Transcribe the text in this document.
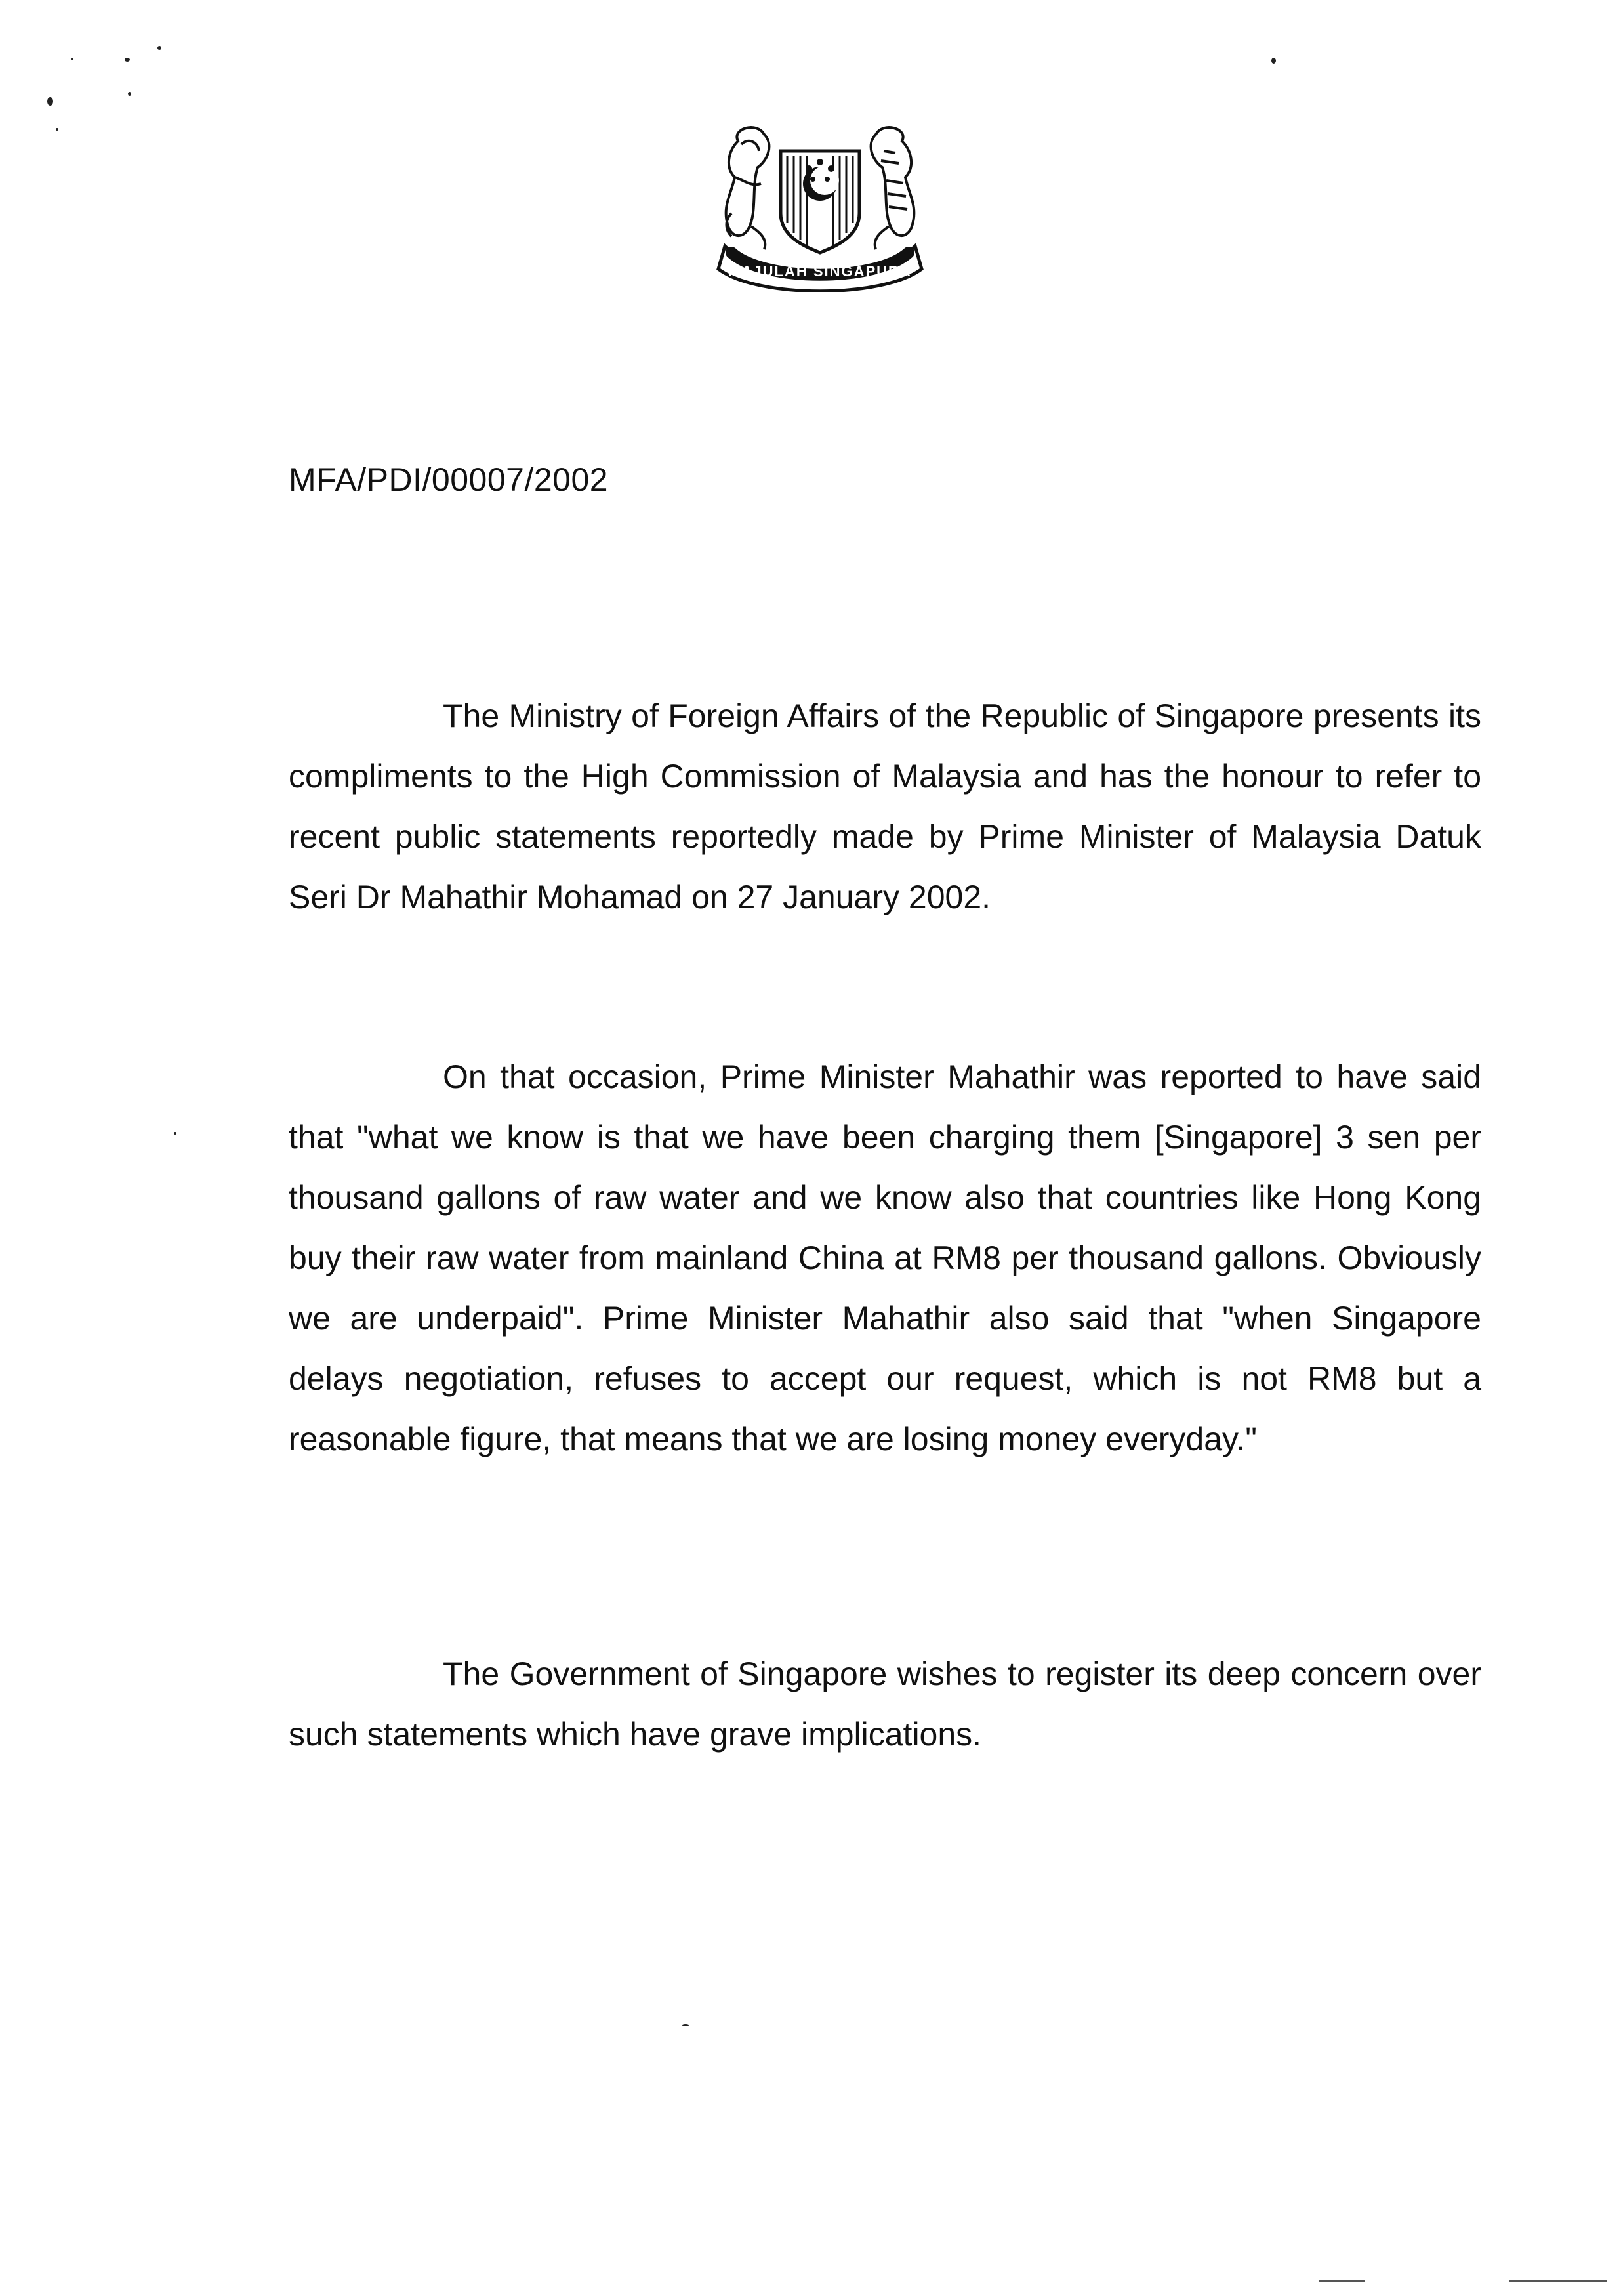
MAJULAH SINGAPURA
MFA/PDI/00007/2002

The Ministry of Foreign Affairs of the Republic of Singapore presents its compliments to the High Commission of Malaysia and has the honour to refer to recent public statements reportedly made by Prime Minister of Malaysia Datuk Seri Dr Mahathir Mohamad on 27 January 2002.

On that occasion, Prime Minister Mahathir was reported to have said that "what we know is that we have been charging them [Singapore] 3 sen per thousand gallons of raw water and we know also that countries like Hong Kong buy their raw water from mainland China at RM8 per thousand gallons. Obviously we are underpaid". Prime Minister Mahathir also said that "when Singapore delays negotiation, refuses to accept our request, which is not RM8 but a reasonable figure, that means that we are losing money everyday."

The Government of Singapore wishes to register its deep concern over such statements which have grave implications.
